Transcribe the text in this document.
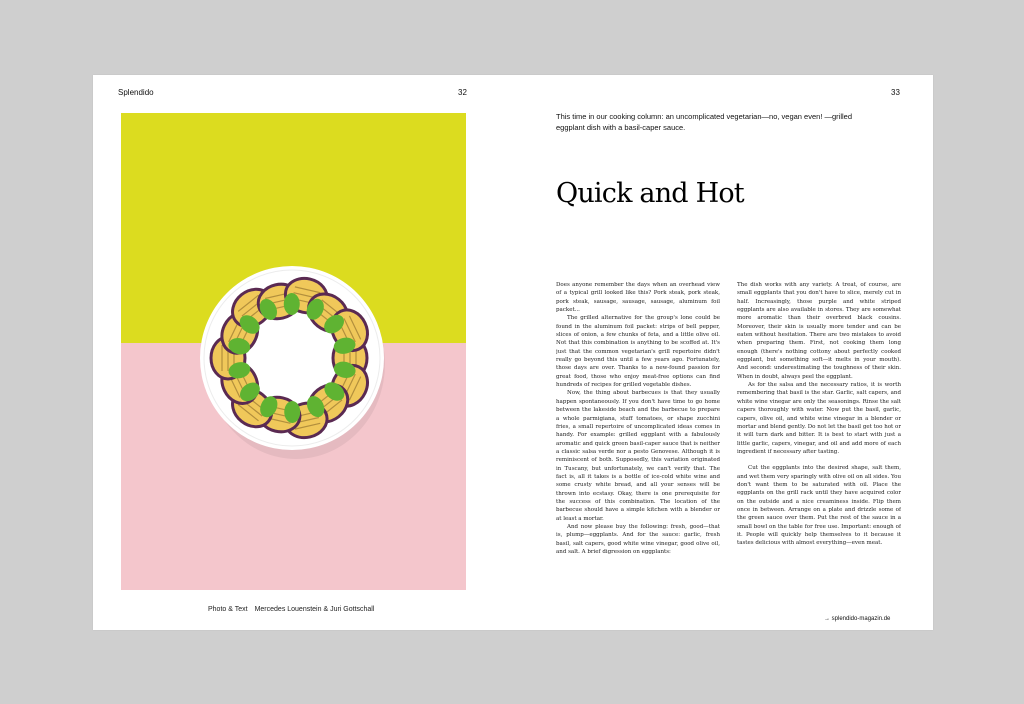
Splendido	32	33
Photo & Text Mercedes Louenstein & Juri Gottschall
This time in our cooking column: an uncomplicated vegetarian—no, vegan even! —grilled eggplant dish with a basil-caper sauce.
Quick and Hot

Does anyone remember the days when an overhead view of a typical grill looked like this? Pork steak, pork steak, pork steak, sausage, sausage, sausage, aluminum foil packet...

The grilled alternative for the group's lone could be found in the aluminum foil packet: strips of bell pepper, slices of onion, a few chunks of feta, and a little olive oil. Not that this combination is anything to be scoffed at. It's just that the common vegetarian's grill repertoire didn't really go beyond this until a few years ago. Fortunately, those days are over. Thanks to a new-found passion for great food, those who enjoy meat-free options can find hundreds of recipes for grilled vegetable dishes.

Now, the thing about barbecues is that they usually happen spontaneously. If you don't have time to go home between the lakeside beach and the barbecue to prepare a whole parmigiana, stuff tomatoes, or shape zucchini fries, a small repertoire of uncomplicated ideas comes in handy. For example: grilled eggplant with a fabulously aromatic and quick green basil-caper sauce that is neither a classic salsa verde nor a pesto Genovese. Although it is reminiscent of both. Supposedly, this variation originated in Tuscany, but unfortunately, we can't verify that. The fact is, all it takes is a bottle of ice-cold white wine and some crusty white bread, and all your senses will be thrown into ecstasy. Okay, there is one prerequisite for the success of this combination. The location of the barbecue should have a simple kitchen with a blender or at least a mortar.

And now please buy the following: fresh, good—that is, plump—eggplants. And for the sauce: garlic, fresh basil, salt capers, good white wine vinegar, good olive oil, and salt. A brief digression on eggplants:

The dish works with any variety. A treat, of course, are small eggplants that you don't have to slice, merely cut in half. Increasingly, those purple and white striped eggplants are also available in stores. They are somewhat more aromatic than their overbred black cousins. Moreover, their skin is usually more tender and can be eaten without hesitation. There are two mistakes to avoid when preparing them. First, not cooking them long enough (there's nothing cottony about perfectly cooked eggplant, but something soft—it melts in your mouth). And second: underestimating the toughness of their skin. When in doubt, always peel the eggplant.

As for the salsa and the necessary ratios, it is worth remembering that basil is the star. Garlic, salt capers, and white wine vinegar are only the seasonings. Rinse the salt capers thoroughly with water. Now put the basil, garlic, capers, olive oil, and white wine vinegar in a blender or mortar and blend gently. Do not let the basil get too hot or it will turn dark and bitter. It is best to start with just a little garlic, capers, vinegar, and oil and add more of each ingredient if necessary after tasting.

Cut the eggplants into the desired shape, salt them, and wet them very sparingly with olive oil on all sides. You don't want them to be saturated with oil. Place the eggplants on the grill rack until they have acquired color on the outside and a nice creaminess inside. Flip them once in between. Arrange on a plate and drizzle some of the green sauce over them. Put the rest of the sauce in a small bowl on the table for free use. Important: enough of it. People will quickly help themselves to it because it tastes delicious with almost everything—even meat.

→ splendido-magazin.de
